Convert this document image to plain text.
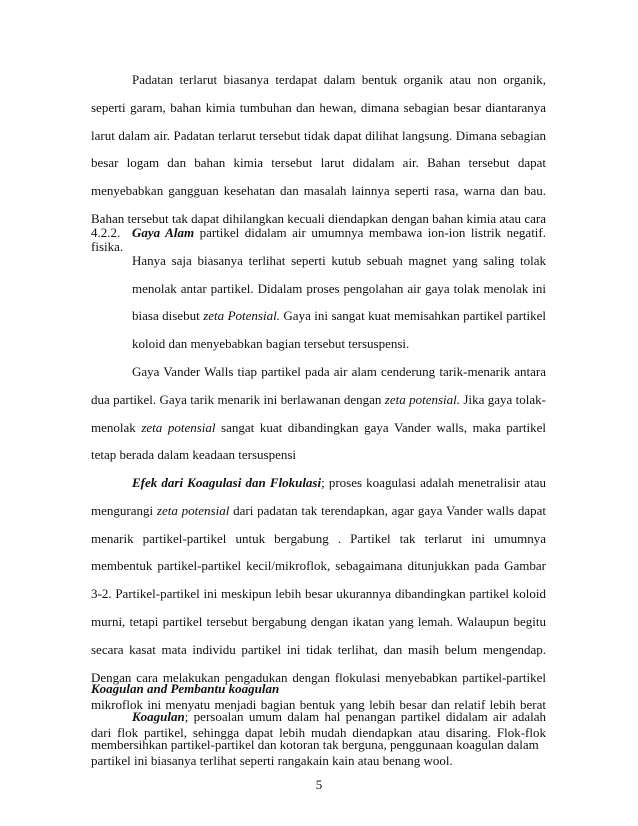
Padatan terlarut biasanya terdapat dalam bentuk organik atau non organik, seperti garam, bahan kimia tumbuhan dan hewan, dimana sebagian besar diantaranya larut dalam air. Padatan terlarut tersebut tidak dapat dilihat langsung. Dimana sebagian besar logam dan bahan kimia tersebut larut didalam air. Bahan tersebut dapat menyebabkan gangguan kesehatan dan masalah lainnya seperti rasa, warna dan bau. Bahan tersebut tak dapat dihilangkan kecuali diendapkan dengan bahan kimia atau cara fisika.

4.2.2. Gaya Alam partikel didalam air umumnya membawa ion-ion listrik negatif. Hanya saja biasanya terlihat seperti kutub sebuah magnet yang saling tolak menolak antar partikel. Didalam proses pengolahan air gaya tolak menolak ini biasa disebut zeta Potensial. Gaya ini sangat kuat memisahkan partikel partikel koloid dan menyebabkan bagian tersebut tersuspensi.

Gaya Vander Walls tiap partikel pada air alam cenderung tarik-menarik antara dua partikel. Gaya tarik menarik ini berlawanan dengan zeta potensial. Jika gaya tolak-menolak zeta potensial sangat kuat dibandingkan gaya Vander walls, maka partikel tetap berada dalam keadaan tersuspensi

Efek dari Koagulasi dan Flokulasi; proses koagulasi adalah menetralisir atau mengurangi zeta potensial dari padatan tak terendapkan, agar gaya Vander walls dapat menarik partikel-partikel untuk bergabung . Partikel tak terlarut ini umumnya membentuk partikel-partikel kecil/mikroflok, sebagaimana ditunjukkan pada Gambar 3-2. Partikel-partikel ini meskipun lebih besar ukurannya dibandingkan partikel koloid murni, tetapi partikel tersebut bergabung dengan ikatan yang lemah. Walaupun begitu secara kasat mata individu partikel ini tidak terlihat, dan masih belum mengendap. Dengan cara melakukan pengadukan dengan flokulasi menyebabkan partikel-partikel mikroflok ini menyatu menjadi bagian bentuk yang lebih besar dan relatif lebih berat dari flok partikel, sehingga dapat lebih mudah diendapkan atau disaring. Flok-flok partikel ini biasanya terlihat seperti rangakain kain atau benang wool.

Koagulan and Pembantu koagulan

Koagulan; persoalan umum dalam hal penangan partikel didalam air adalah membersihkan partikel-partikel dan kotoran tak berguna, penggunaan koagulan dalam

5
